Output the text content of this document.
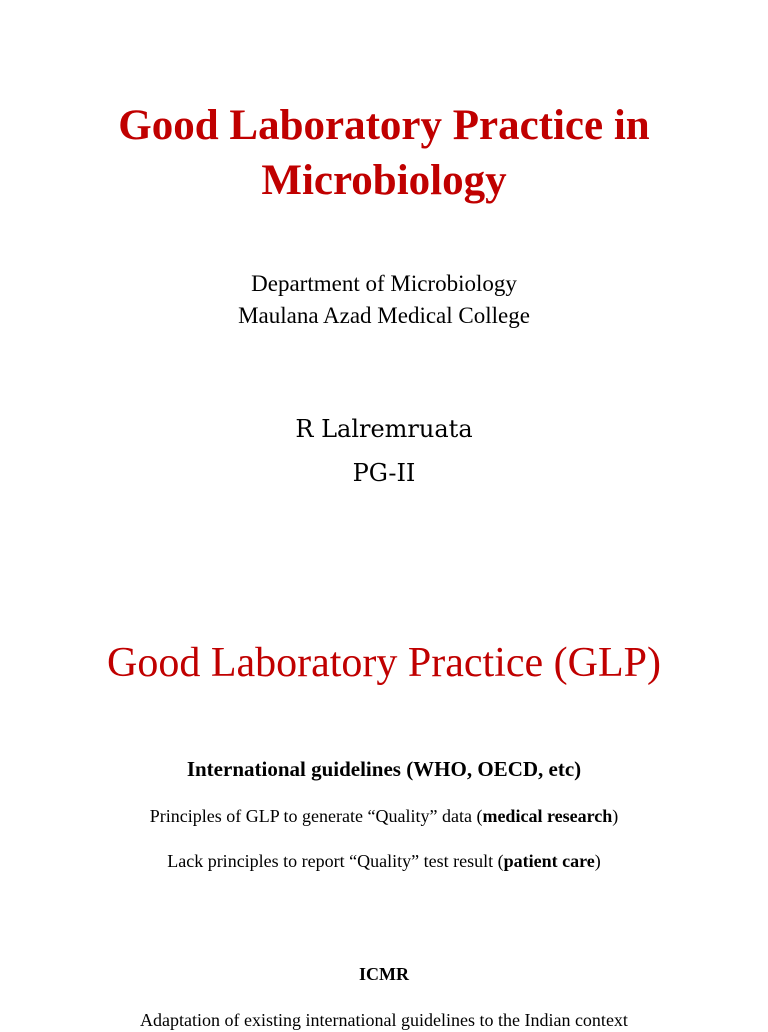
Good Laboratory Practice in
Microbiology
Department of Microbiology
Maulana Azad Medical College
R Lalremruata
PG-II
Good Laboratory Practice (GLP)
International guidelines (WHO, OECD, etc)
Principles of GLP to generate “Quality” data (medical research)
Lack principles to report “Quality” test result (patient care)
ICMR
Adaptation of existing international guidelines to the Indian context
